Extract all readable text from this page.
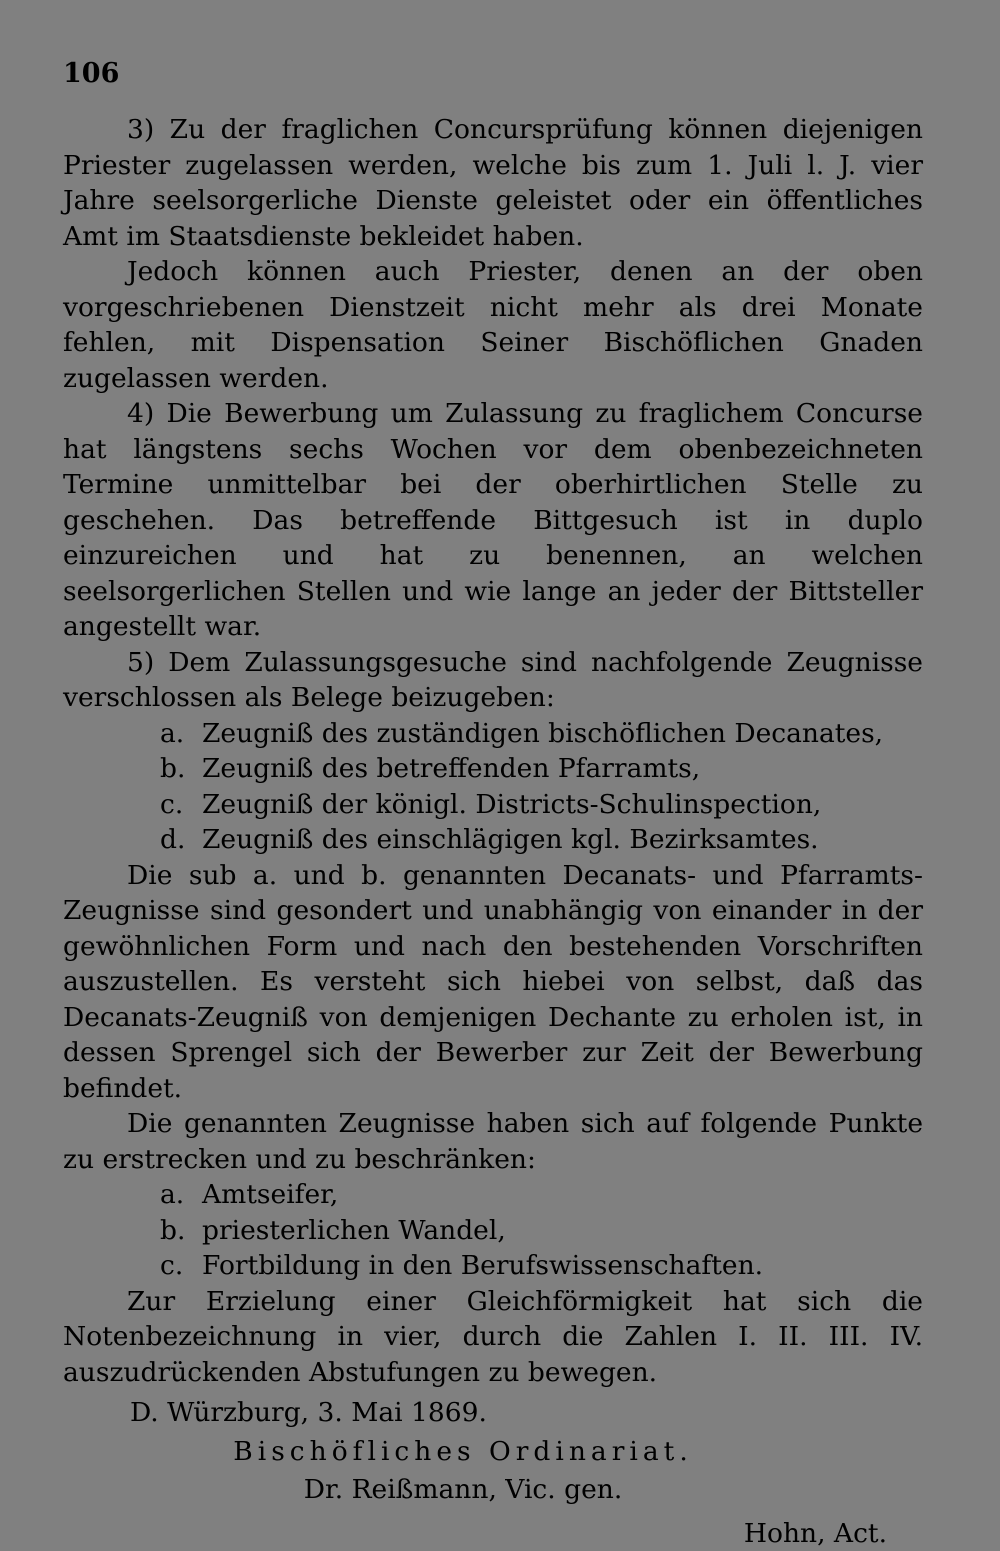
106

3) Zu der fraglichen Concursprüfung können diejenigen Priester zugelassen werden, welche bis zum 1. Juli l. J. vier Jahre seelsorgerliche Dienste geleistet oder ein öffentliches Amt im Staatsdienste bekleidet haben.

Jedoch können auch Priester, denen an der oben vorgeschriebenen Dienstzeit nicht mehr als drei Monate fehlen, mit Dispensation Seiner Bischöflichen Gnaden zugelassen werden.

4) Die Bewerbung um Zulassung zu fraglichem Concurse hat längstens sechs Wochen vor dem obenbezeichneten Termine unmittelbar bei der oberhirtlichen Stelle zu geschehen. Das betreffende Bittgesuch ist in duplo einzureichen und hat zu benennen, an welchen seelsorgerlichen Stellen und wie lange an jeder der Bittsteller angestellt war.

5) Dem Zulassungsgesuche sind nachfolgende Zeugnisse verschlossen als Belege beizugeben:

a. Zeugniß des zuständigen bischöflichen Decanates,
b. Zeugniß des betreffenden Pfarramts,
c. Zeugniß der königl. Districts-Schulinspection,
d. Zeugniß des einschlägigen kgl. Bezirksamtes.

Die sub a. und b. genannten Decanats- und Pfarramts-Zeugnisse sind gesondert und unabhängig von einander in der gewöhnlichen Form und nach den bestehenden Vorschriften auszustellen. Es versteht sich hiebei von selbst, daß das Decanats-Zeugniß von demjenigen Dechante zu erholen ist, in dessen Sprengel sich der Bewerber zur Zeit der Bewerbung befindet.

Die genannten Zeugnisse haben sich auf folgende Punkte zu erstrecken und zu beschränken:

a. Amtseifer,
b. priesterlichen Wandel,
c. Fortbildung in den Berufswissenschaften.

Zur Erzielung einer Gleichförmigkeit hat sich die Notenbezeichnung in vier, durch die Zahlen I. II. III. IV. auszudrückenden Abstufungen zu bewegen.

D. Würzburg, 3. Mai 1869.

Bischöfliches Ordinariat.

Dr. Reißmann, Vic. gen.

Hohn, Act.
